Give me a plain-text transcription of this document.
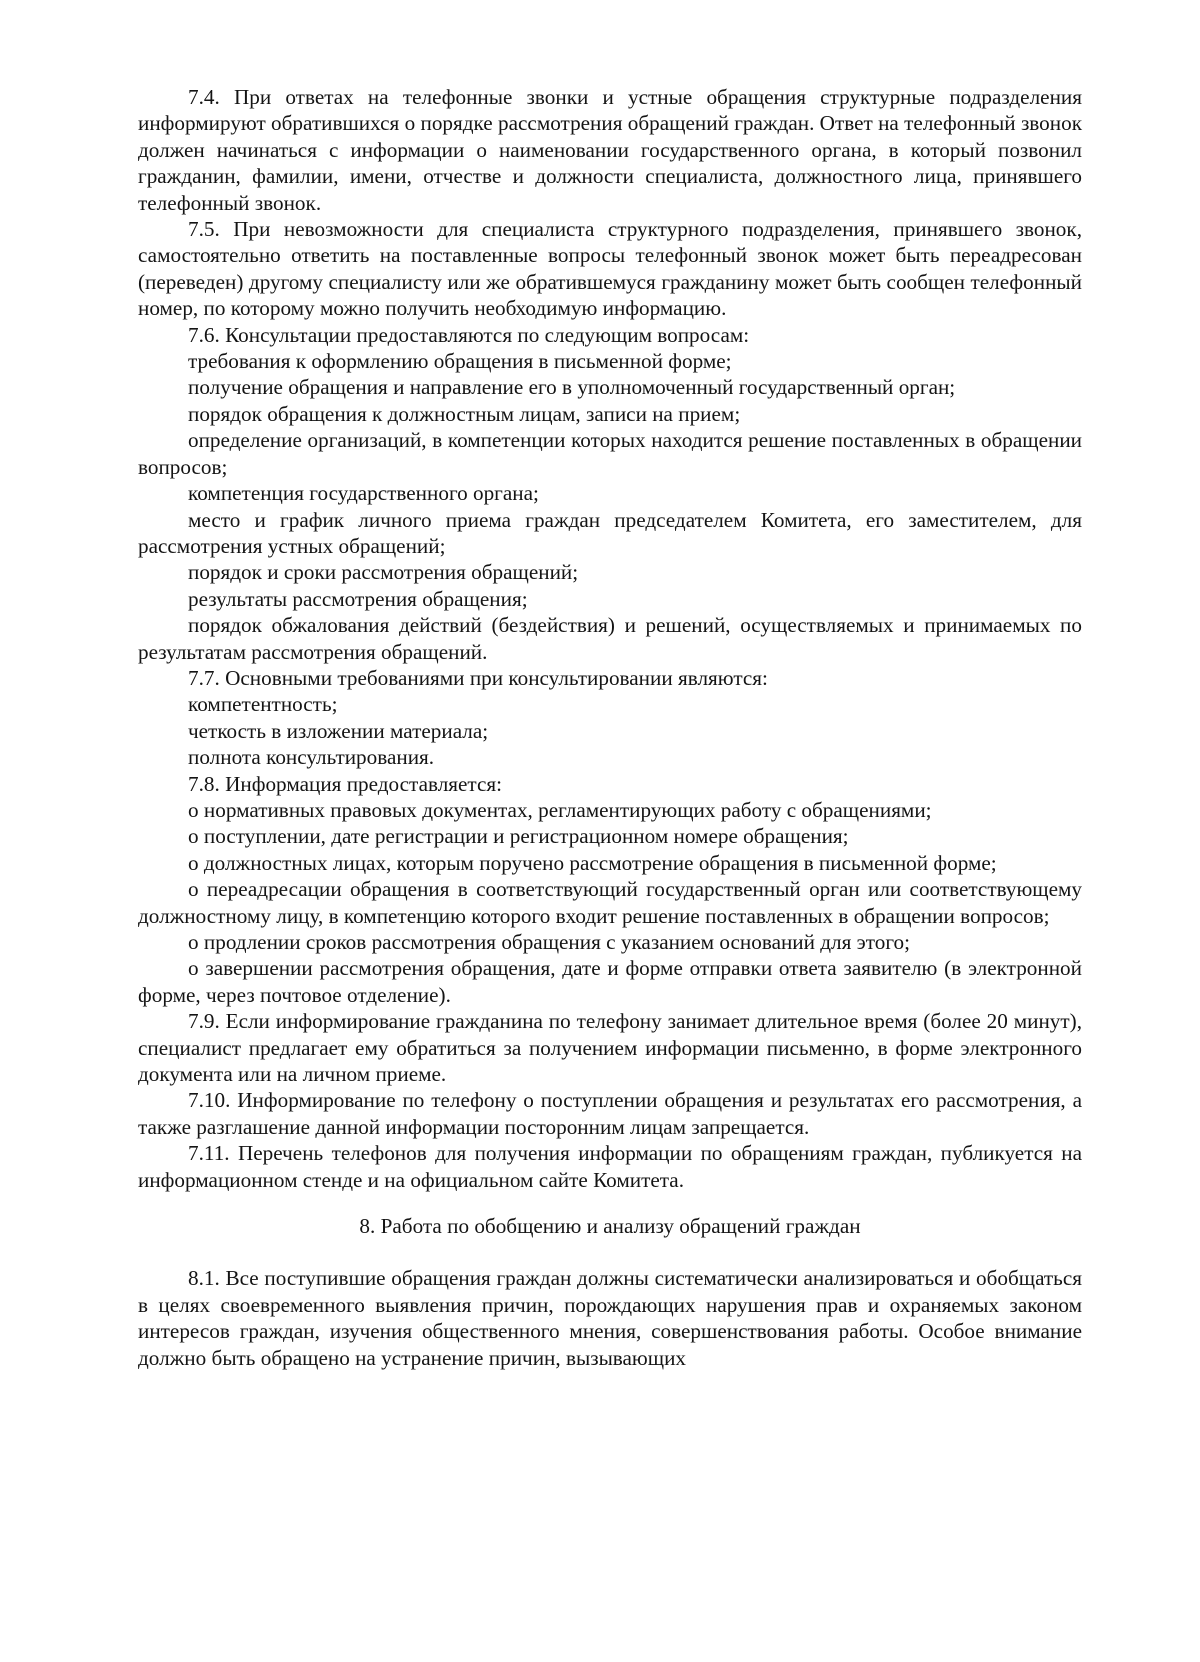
7.4. При ответах на телефонные звонки и устные обращения структурные подразделения информируют обратившихся о порядке рассмотрения обращений граждан. Ответ на телефонный звонок должен начинаться с информации о наименовании государственного органа, в который позвонил гражданин, фамилии, имени, отчестве и должности специалиста, должностного лица, принявшего телефонный звонок.

7.5. При невозможности для специалиста структурного подразделения, принявшего звонок, самостоятельно ответить на поставленные вопросы телефонный звонок может быть переадресован (переведен) другому специалисту или же обратившемуся гражданину может быть сообщен телефонный номер, по которому можно получить необходимую информацию.

7.6. Консультации предоставляются по следующим вопросам:

требования к оформлению обращения в письменной форме;

получение обращения и направление его в уполномоченный государственный орган;

порядок обращения к должностным лицам, записи на прием;

определение организаций, в компетенции которых находится решение поставленных в обращении вопросов;

компетенция государственного органа;

место и график личного приема граждан председателем Комитета, его заместителем, для рассмотрения устных обращений;

порядок и сроки рассмотрения обращений;

результаты рассмотрения обращения;

порядок обжалования действий (бездействия) и решений, осуществляемых и принимаемых по результатам рассмотрения обращений.

7.7. Основными требованиями при консультировании являются:

компетентность;

четкость в изложении материала;

полнота консультирования.

7.8. Информация предоставляется:

о нормативных правовых документах, регламентирующих работу с обращениями;

о поступлении, дате регистрации и регистрационном номере обращения;

о должностных лицах, которым поручено рассмотрение обращения в письменной форме;

о переадресации обращения в соответствующий государственный орган или соответствующему должностному лицу, в компетенцию которого входит решение поставленных в обращении вопросов;

о продлении сроков рассмотрения обращения с указанием оснований для этого;

о завершении рассмотрения обращения, дате и форме отправки ответа заявителю (в электронной форме, через почтовое отделение).

7.9. Если информирование гражданина по телефону занимает длительное время (более 20 минут), специалист предлагает ему обратиться за получением информации письменно, в форме электронного документа или на личном приеме.

7.10. Информирование по телефону о поступлении обращения и результатах его рассмотрения, а также разглашение данной информации посторонним лицам запрещается.

7.11. Перечень телефонов для получения информации по обращениям граждан, публикуется на информационном стенде и на официальном сайте Комитета.

8. Работа по обобщению и анализу обращений граждан

8.1. Все поступившие обращения граждан должны систематически анализироваться и обобщаться в целях своевременного выявления причин, порождающих нарушения прав и охраняемых законом интересов граждан, изучения общественного мнения, совершенствования работы. Особое внимание должно быть обращено на устранение причин, вызывающих
